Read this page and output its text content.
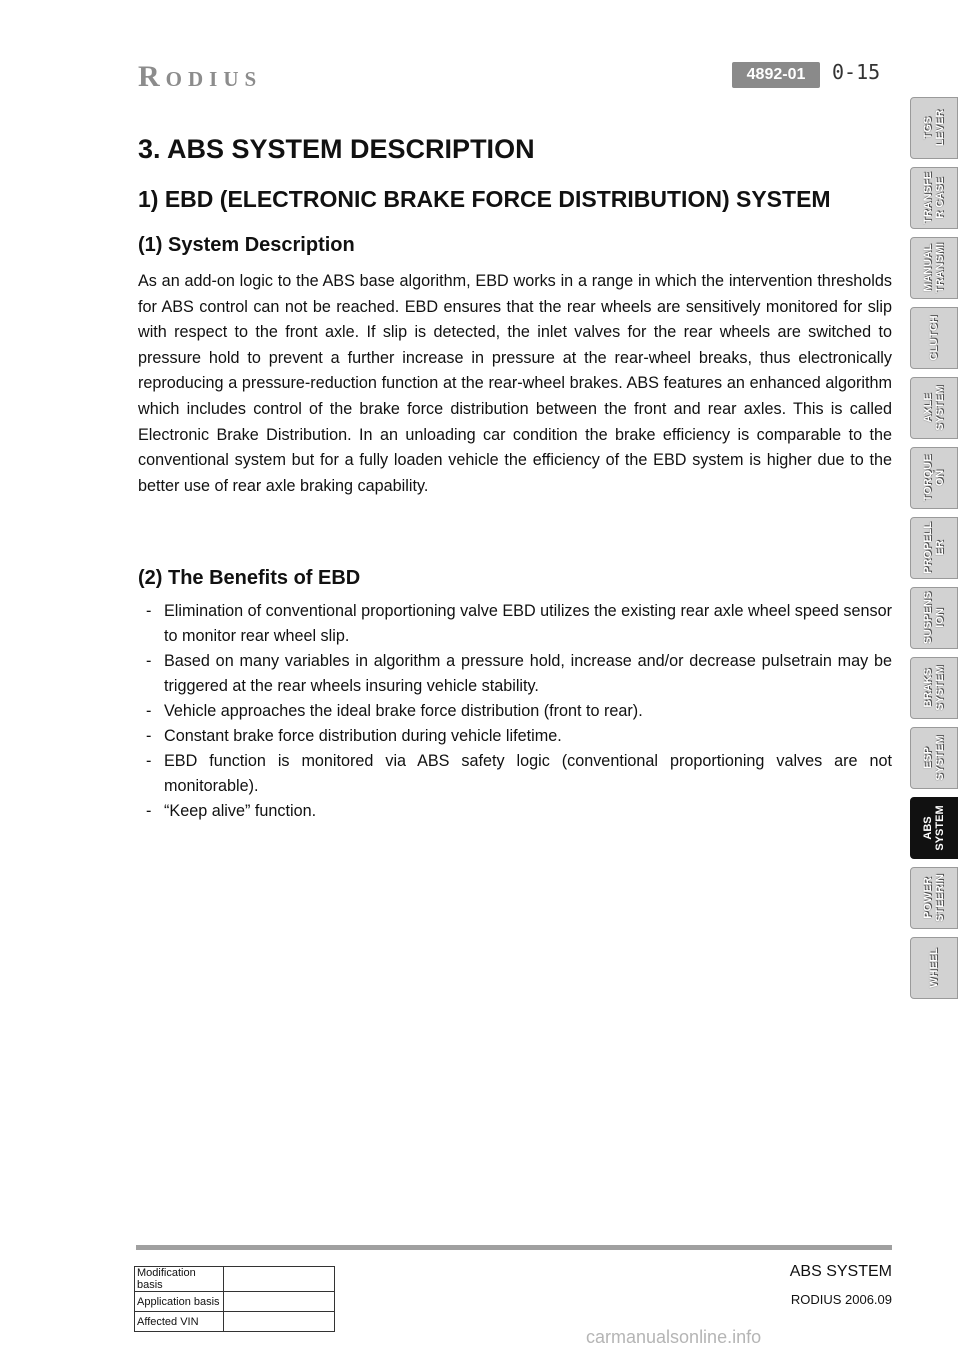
Rodius	4892-01	0-15
3. ABS SYSTEM DESCRIPTION
1) EBD (ELECTRONIC BRAKE FORCE DISTRIBUTION) SYSTEM
(1) System Description

As an add-on logic to the ABS base algorithm, EBD works in a range in which the intervention thresholds for ABS control can not be reached. EBD ensures that the rear wheels are sensitively monitored for slip with respect to the front axle. If slip is detected, the inlet valves for the rear wheels are switched to pressure hold to prevent a further increase in pressure at the rear-wheel breaks, thus electronically reproducing a pressure-reduction function at the rear-wheel brakes. ABS features an enhanced algorithm which includes control of the brake force distribution between the front and rear axles. This is called Electronic Brake Distribution. In an unloading car condition the brake efficiency is comparable to the conventional system but for a fully loaden vehicle the efficiency of the EBD system is higher due to the better use of rear axle braking capability.

(2) The Benefits of EBD
- Elimination of conventional proportioning valve EBD utilizes the existing rear axle wheel speed sensor to monitor rear wheel slip.
- Based on many variables in algorithm a pressure hold, increase and/or decrease pulsetrain may be triggered at the rear wheels insuring vehicle stability.
- Vehicle approaches the ideal brake force distribution (front to rear).
- Constant brake force distribution during vehicle lifetime.
- EBD function is monitored via ABS safety logic (conventional proportioning valves are not monitorable).
- “Keep alive” function.
TGS
LEVER
TRANSFE
R CASE
MANUAL
TRANSMI
CLUTCH
AXLE
SYSTEM
TORQUE
ON
PROPELL
ER
SUSPENS
ION
BRAKS
SYSTEM
ESP
SYSTEM
ABS
SYSTEM
POWER
STEERIN
WHEEL
ABS SYSTEM
RODIUS 2006.09
Modification basis	
Application basis	
Affected VIN	
carmanualsonline.info
